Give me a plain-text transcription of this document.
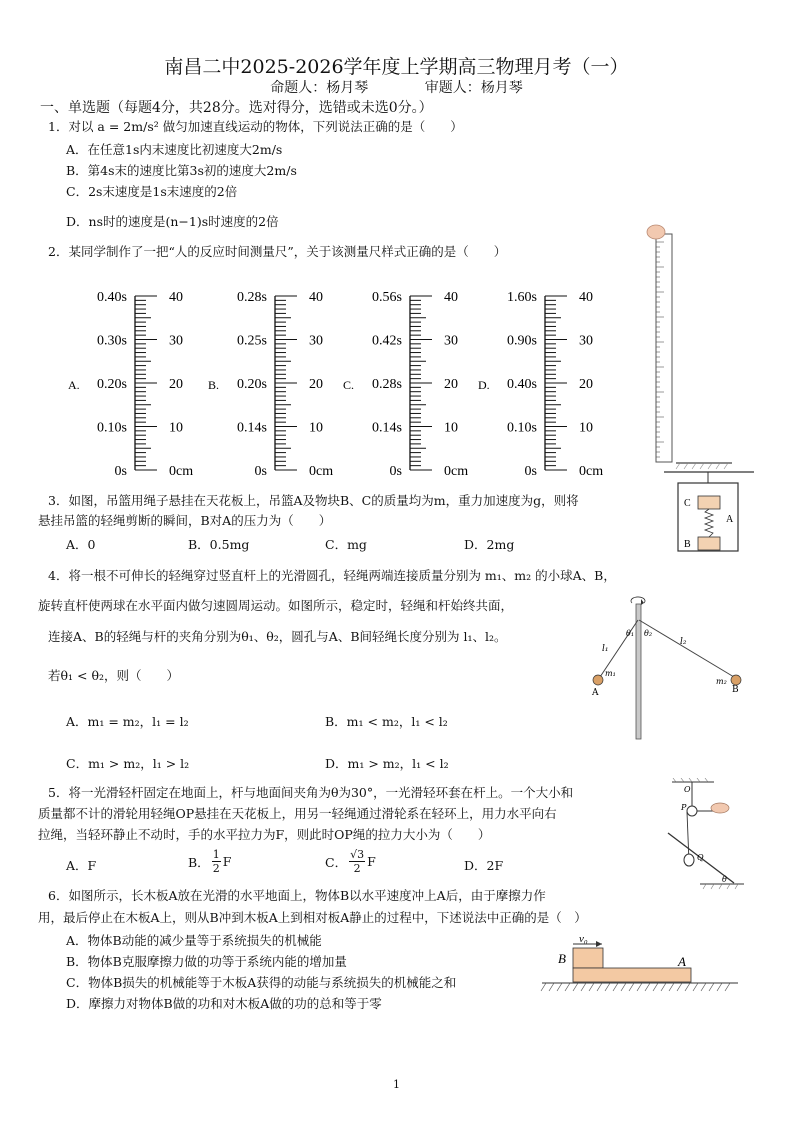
南昌二中2025-2026学年度上学期高三物理月考（一）
命题人：杨月琴	审题人：杨月琴
一、单选题（每题4分，共28分。选对得分，选错或未选0分。）
1．对以 a = 2m/s² 做匀加速直线运动的物体，下列说法正确的是（　　）
A．在任意1s内末速度比初速度大2m/s
B．第4s末的速度比第3s初的速度大2m/s
C．2s末速度是1s末速度的2倍
D．ns时的速度是(n−1)s时速度的2倍
2．某同学制作了一把“人的反应时间测量尺”，关于该测量尺样式正确的是（　　）
A.
0.40s	40
0.30s	30
0.20s	20
0.10s	10
0s	0cm
B.
0.28s	40
0.25s	30
0.20s	20
0.14s	10
0s	0cm
C.
0.56s	40
0.42s	30
0.28s	20
0.14s	10
0s	0cm
D.
1.60s	40
0.90s	30
0.40s	20
0.10s	10
0s	0cm
3．如图，吊篮用绳子悬挂在天花板上，吊篮A及物块B、C的质量均为m，重力加速度为g，则将
悬挂吊篮的轻绳剪断的瞬间，B对A的压力为（　　）
A．0	B．0.5mg	C．mg	D．2mg
C
A
B
4．将一根不可伸长的轻绳穿过竖直杆上的光滑圆孔，轻绳两端连接质量分别为 m₁、m₂ 的小球A、B，
旋转直杆使两球在水平面内做匀速圆周运动。如图所示，稳定时，轻绳和杆始终共面，
连接A、B的轻绳与杆的夹角分别为θ₁、θ₂，圆孔与A、B间轻绳长度分别为 l₁、l₂。
若θ₁ < θ₂，则（　　）
A．m₁ = m₂，l₁ = l₂	B．m₁ < m₂，l₁ < l₂
C．m₁ > m₂，l₁ > l₂	D．m₁ > m₂，l₁ < l₂
l₁
l₂
θ₁ θ₂
m₁
m₂
A	B
5．将一光滑轻杆固定在地面上，杆与地面间夹角为θ为30°，一光滑轻环套在杆上。一个大小和
质量都不计的滑轮用轻绳OP悬挂在天花板上，用另一轻绳通过滑轮系在轻环上，用力水平向右
拉绳，当轻环静止不动时，手的水平拉力为F，则此时OP绳的拉力大小为（　　）
A．F	B． $\frac{1}{2}$ F	C． $\frac{√3}{2}$ F	D．2F
O
P
Q
θ
6．如图所示，长木板A放在光滑的水平地面上，物体B以水平速度冲上A后，由于摩擦力作
用，最后停止在木板A上，则从B冲到木板A上到相对板A静止的过程中，下述说法中正确的是（　）
A．物体B动能的减少量等于系统损失的机械能
B．物体B克服摩擦力做的功等于系统内能的增加量
C．物体B损失的机械能等于木板A获得的动能与系统损失的机械能之和
D．摩擦力对物体B做的功和对木板A做的功的总和等于零
v₀
B	A
1
